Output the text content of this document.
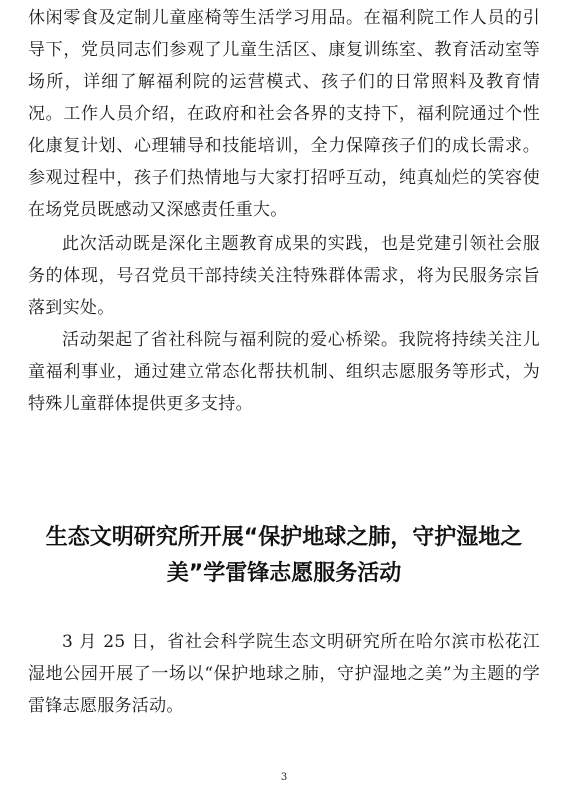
休闲零食及定制儿童座椅等生活学习用品。在福利院工作人员的引导下，党员同志们参观了儿童生活区、康复训练室、教育活动室等场所，详细了解福利院的运营模式、孩子们的日常照料及教育情况。工作人员介绍，在政府和社会各界的支持下，福利院通过个性化康复计划、心理辅导和技能培训，全力保障孩子们的成长需求。参观过程中，孩子们热情地与大家打招呼互动，纯真灿烂的笑容使在场党员既感动又深感责任重大。
此次活动既是深化主题教育成果的实践，也是党建引领社会服务的体现，号召党员干部持续关注特殊群体需求，将为民服务宗旨落到实处。
活动架起了省社科院与福利院的爱心桥梁。我院将持续关注儿童福利事业，通过建立常态化帮扶机制、组织志愿服务等形式，为特殊儿童群体提供更多支持。
生态文明研究所开展“保护地球之肺，守护湿地之美”学雷锋志愿服务活动
3 月 25 日，省社会科学院生态文明研究所在哈尔滨市松花江湿地公园开展了一场以“保护地球之肺，守护湿地之美”为主题的学雷锋志愿服务活动。
3
